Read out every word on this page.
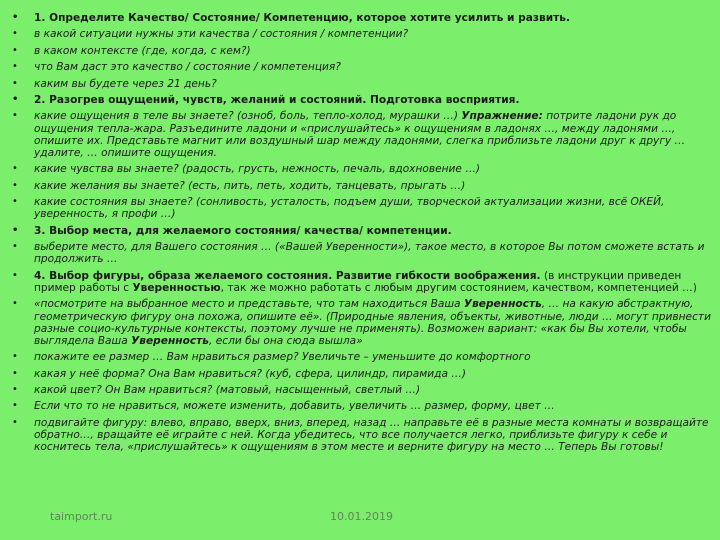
• 1. Определите Качество/ Состояние/ Компетенцию, которое хотите усилить и развить.
• в какой ситуации нужны эти качества / состояния / компетенции?
• в каком контексте (где, когда, с кем?)
• что Вам даст это качество / состояние / компетенция?
• каким вы будете через 21 день?
• 2. Разогрев ощущений, чувств, желаний и состояний. Подготовка восприятия.
• какие ощущения в теле вы знаете? (озноб, боль, тепло-холод, мурашки …) Упражнение: потрите ладони рук до ощущения тепла-жара. Разъедините ладони и «прислушайтесь» к ощущениям в ладонях …, между ладонями …, опишите их. Представьте магнит или воздушный шар между ладонями, слегка приблизьте ладони друг к другу … удалите, … опишите ощущения.
• какие чувства вы знаете? (радость, грусть, нежность, печаль, вдохновение …)
• какие желания вы знаете? (есть, пить, петь, ходить, танцевать, прыгать …)
• какие состояния вы знаете? (сонливость, усталость, подъем души, творческой актуализации жизни, всё ОКЕЙ, уверенность, я профи …)
• 3. Выбор места, для желаемого состояния/ качества/ компетенции.
• выберите место, для Вашего состояния … («Вашей Уверенности»), такое место, в которое Вы потом сможете встать и продолжить …
• 4. Выбор фигуры, образа желаемого состояния. Развитие гибкости воображения. (в инструкции приведен пример работы с Уверенностью, так же можно работать с любым другим состоянием, качеством, компетенцией …)
• «посмотрите на выбранное место и представьте, что там находиться Ваша Уверенность, … на какую абстрактную, геометрическую фигуру она похожа, опишите её». (Природные явления, объекты, животные, люди … могут привнести разные социо-культурные контексты, поэтому лучше не применять). Возможен вариант: «как бы Вы хотели, чтобы выглядела Ваша Уверенность, если бы она сюда вышла»
• покажите ее размер … Вам нравиться размер? Увеличьте – уменьшите до комфортного
• какая у неё форма? Она Вам нравиться? (куб, сфера, цилиндр, пирамида …)
• какой цвет? Он Вам нравиться? (матовый, насыщенный, светлый …)
• Если что то не нравиться, можете изменить, добавить, увеличить … размер, форму, цвет …
• подвигайте фигуру: влево, вправо, вверх, вниз, вперед, назад … направьте её в разные места комнаты и возвращайте обратно…, вращайте её играйте с ней. Когда убедитесь, что все получается легко, приблизьте фигуру к себе и коснитесь тела, «прислушайтесь» к ощущениям в этом месте и верните фигуру на место … Теперь Вы готовы!
taimport.ru	10.01.2019
